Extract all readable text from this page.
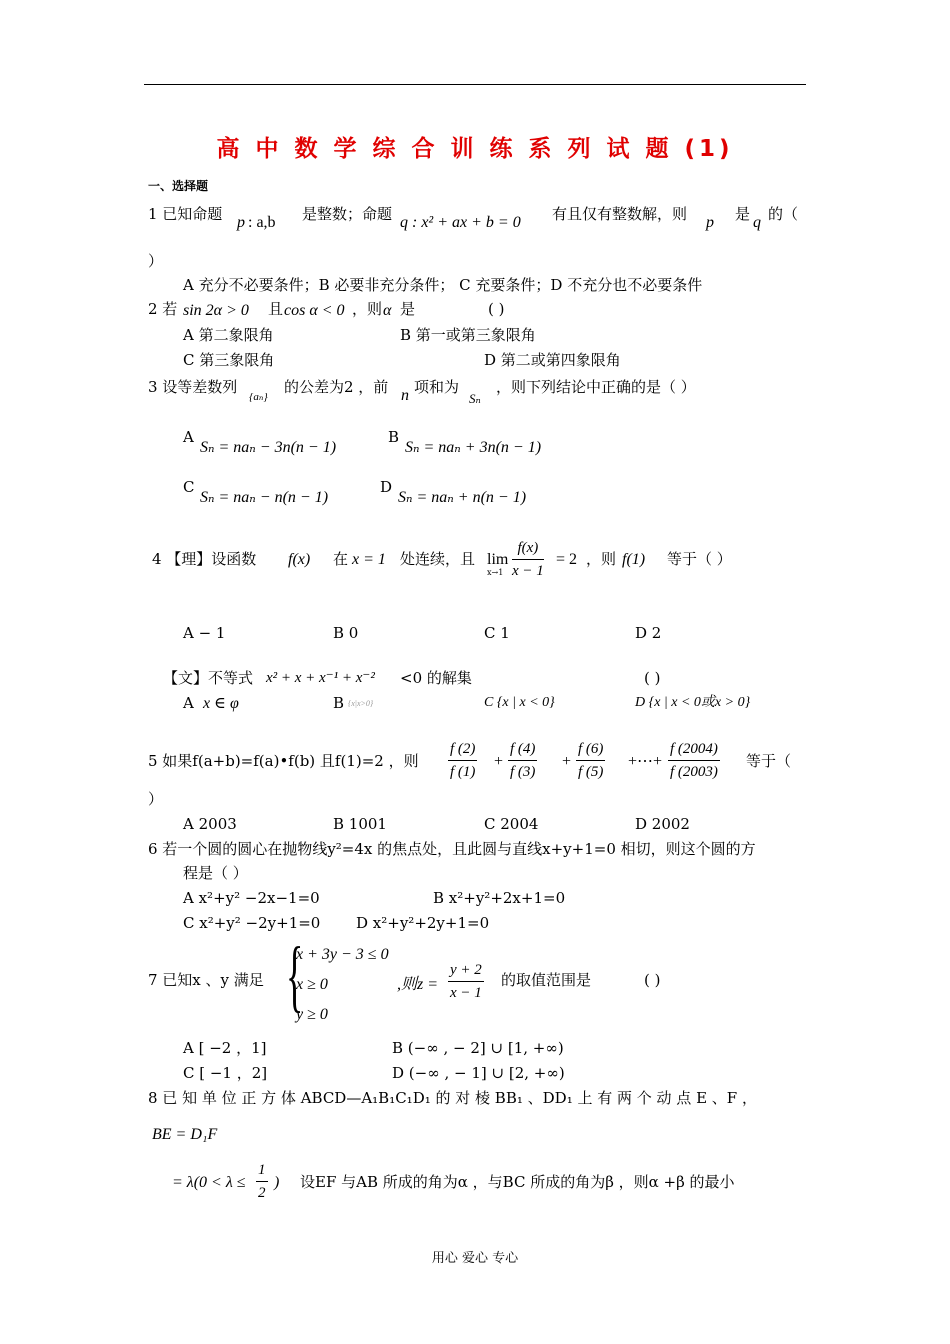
高 中 数 学 综 合 训 练 系 列 试 题 (1)
一、选择题
1 已知命题 p : a,b 是整数；命题 q : x² + ax + b = 0 有且仅有整数解，则 p 是 q 的（
）
A 充分不必要条件；B 必要非充分条件； C 充要条件；D 不充分也不必要条件
2 若 sin 2α > 0 且 cos α < 0 ，则 α 是	( )
A 第二象限角	B 第一或第三象限角
C 第三象限角	D 第二或第四象限角
3 设等差数列
{aₙ}
的公差为2 ，前 n 项和为
Sₙ
，则下列结论中正确的是（ ）
A
Sₙ = naₙ − 3n(n − 1)
B
Sₙ = naₙ + 3n(n − 1)
C
Sₙ = naₙ − n(n − 1)
D
Sₙ = naₙ + n(n − 1)
4 【理】设函数 f(x) 在 x = 1 处连续，且 lim
$x\to 1 \frac{f(x)}{x - 1} = 2$ ，则 f(1) 等于（ ）
A − 1	B 0	C 1	D 2
【文】不等式 x² + x + x⁻¹ + x⁻² <0 的解集	( )
A x ∈ φ	B {x|x>0}	C {x | x < 0}	D {x | x < 0或x > 0}
5 如果f(a+b)=f(a)•f(b) 且f(1)=2 ，则 $\frac{f (2)}{f (1)} + \frac{f (4)}{f (3)} + \frac{f (6)}{f (5)}$ +⋯+ $\frac{f (2004)}{f (2003)}$ 等于（
）
A 2003	B 1001	C 2004	D 2002
6 若一个圆的圆心在抛物线y²=4x 的焦点处，且此圆与直线x+y+1=0 相切，则这个圆的方
程是（ ）
A x²+y² −2x−1=0	B x²+y²+2x+1=0
C x²+y² −2y+1=0 D x²+y²+2y+1=0
7 已知x 、y 满足 {
x + 3y − 3 ≤ 0
x ≥ 0
y ≥ 0
,则$z = \frac{y + 2}{x - 1}$ 的取值范围是	( )
A [ −2 ，1]	B (−∞ , − 2] ∪ [1, +∞)
C [ −1 ，2]	D (−∞ , − 1] ∪ [2, +∞)
8 已 知 单 位 正 方 体 ABCD—A₁B₁C₁D₁ 的 对 棱 BB₁ 、DD₁ 上 有 两 个 动 点 E 、F ，
BE = D₁F
= $\lambda(0 < \lambda \le \frac{1}{2}$ ) 设EF 与AB 所成的角为α ，与BC 所成的角为β ，则α +β 的最小
用心 爱心 专心
